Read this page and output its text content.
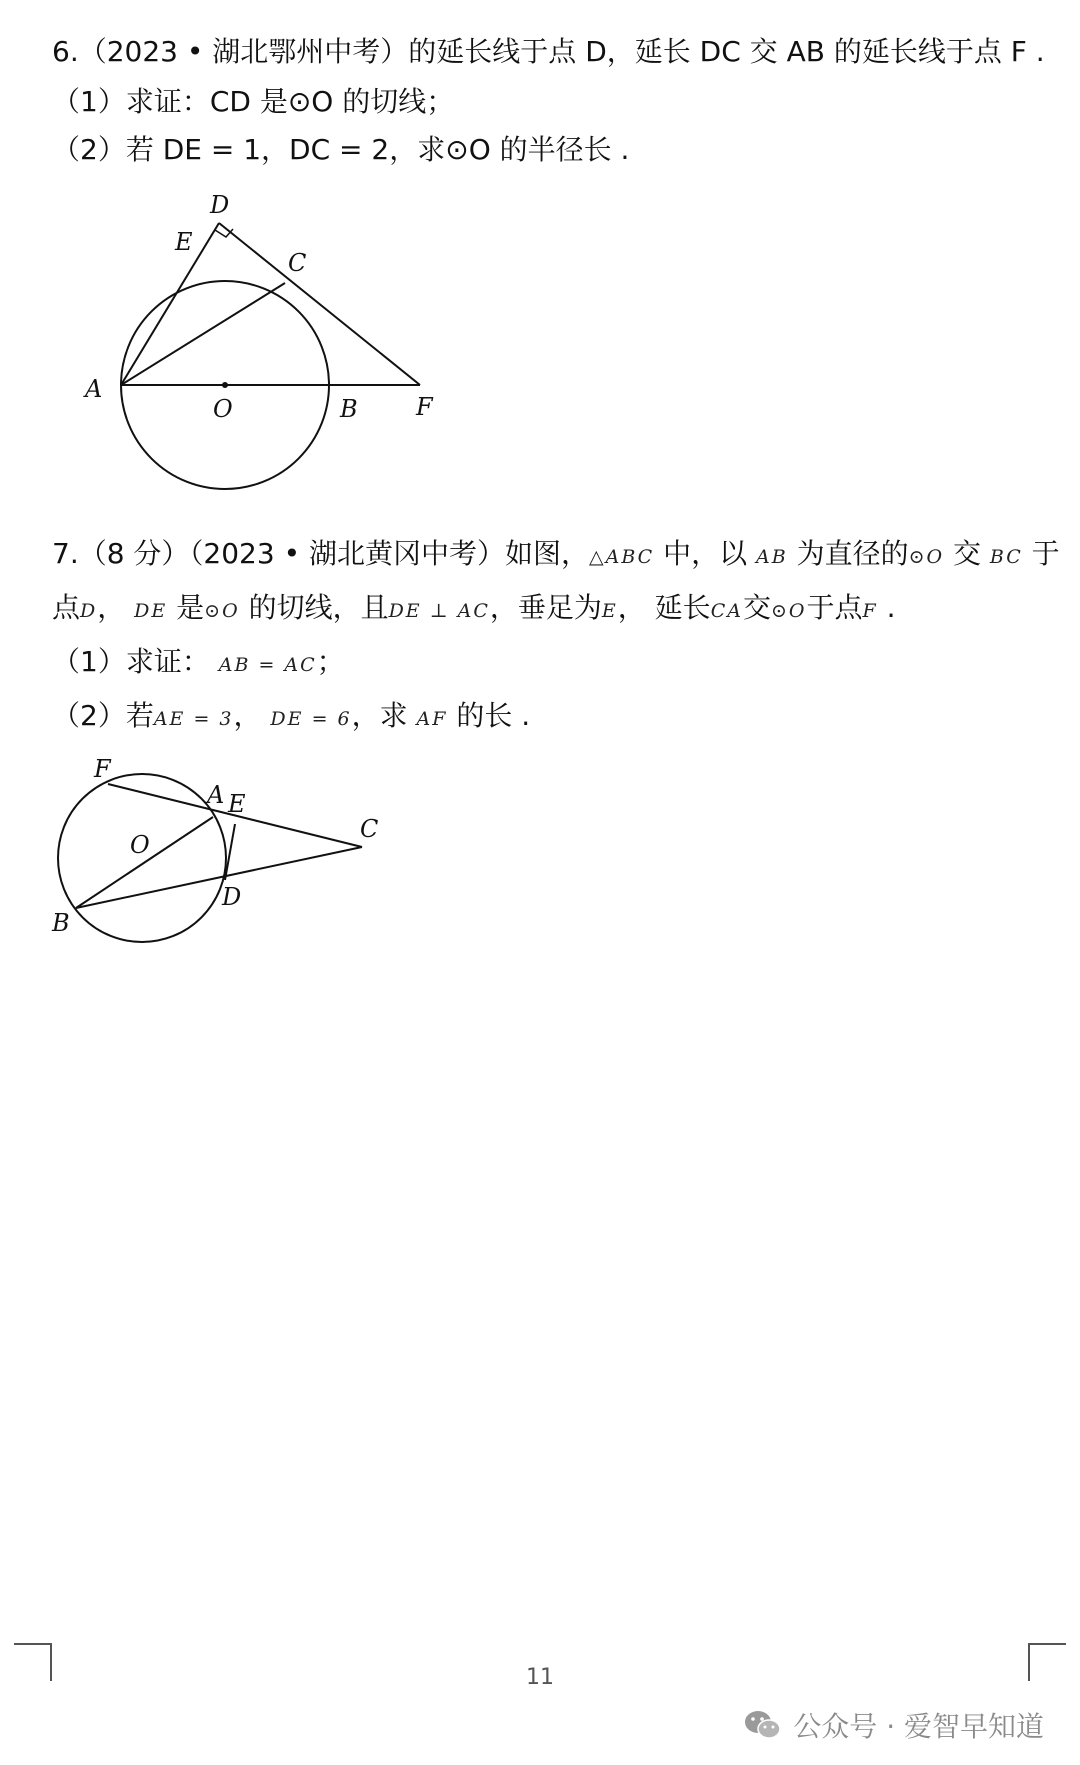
6.（2023 • 湖北鄂州中考）的延长线于点 D，延长 DC 交 AB 的延长线于点 F .
（1）求证：CD 是⊙O 的切线；
（2）若 DE = 1，DC = 2，求⊙O 的半径长 .
D
E
C
A
O	B F
7.（8 分）（2023 • 湖北黄冈中考）如图，△ABC 中，以 AB 为直径的⊙O 交 BC 于
点D， DE 是⊙O 的切线，且DE ⊥ AC，垂足为E， 延长CA交⊙O于点F .
（1）求证： AB = AC；
（2）若AE = 3， DE = 6，求 AF 的长 .
F
A E
O
C
B
D
11
公众号 · 爱智早知道
